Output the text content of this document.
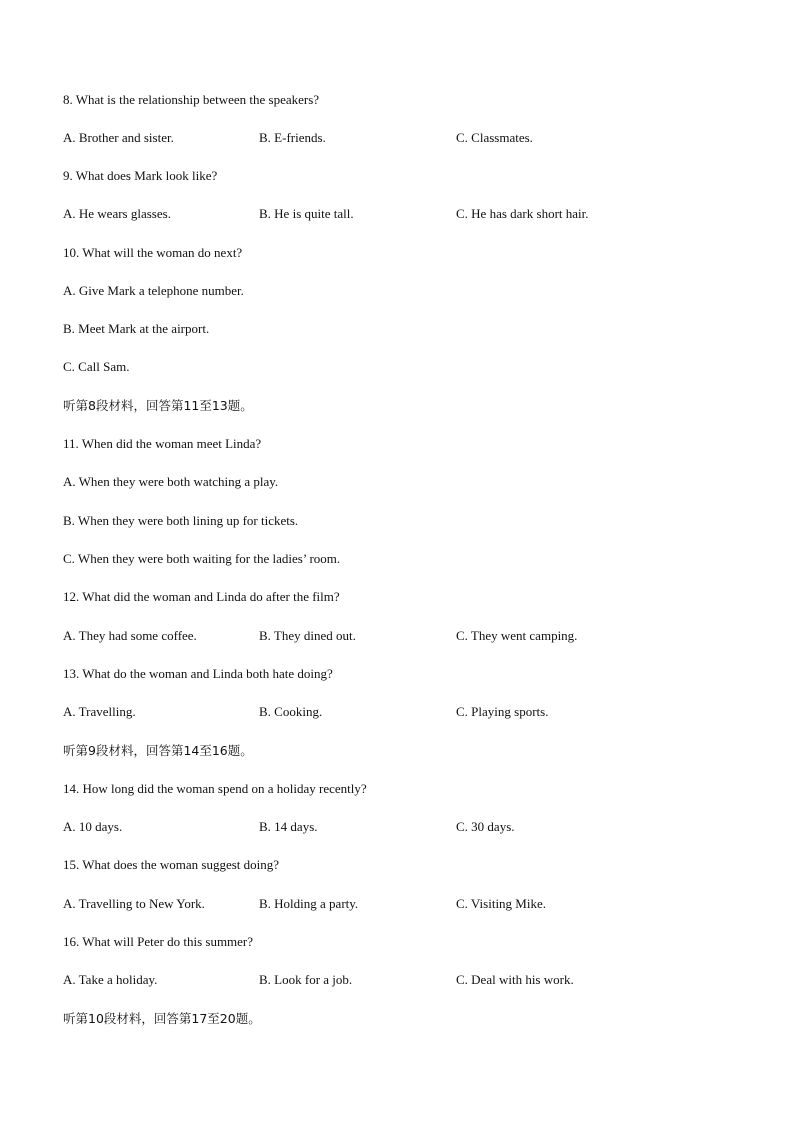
8. What is the relationship between the speakers?
A. Brother and sister.	B. E-friends.	C. Classmates.
9. What does Mark look like?
A. He wears glasses.	B. He is quite tall.	C. He has dark short hair.
10. What will the woman do next?
A. Give Mark a telephone number.
B. Meet Mark at the airport.
C. Call Sam.
听第8段材料，回答第11至13题。
11. When did the woman meet Linda?
A. When they were both watching a play.
B. When they were both lining up for tickets.
C. When they were both waiting for the ladies’ room.
12. What did the woman and Linda do after the film?
A. They had some coffee.	B. They dined out.	C. They went camping.
13. What do the woman and Linda both hate doing?
A. Travelling.	B. Cooking.	C. Playing sports.
听第9段材料，回答第14至16题。
14. How long did the woman spend on a holiday recently?
A. 10 days.	B. 14 days.	C. 30 days.
15. What does the woman suggest doing?
A. Travelling to New York.	B. Holding a party.	C. Visiting Mike.
16. What will Peter do this summer?
A. Take a holiday.	B. Look for a job.	C. Deal with his work.
听第10段材料，回答第17至20题。
